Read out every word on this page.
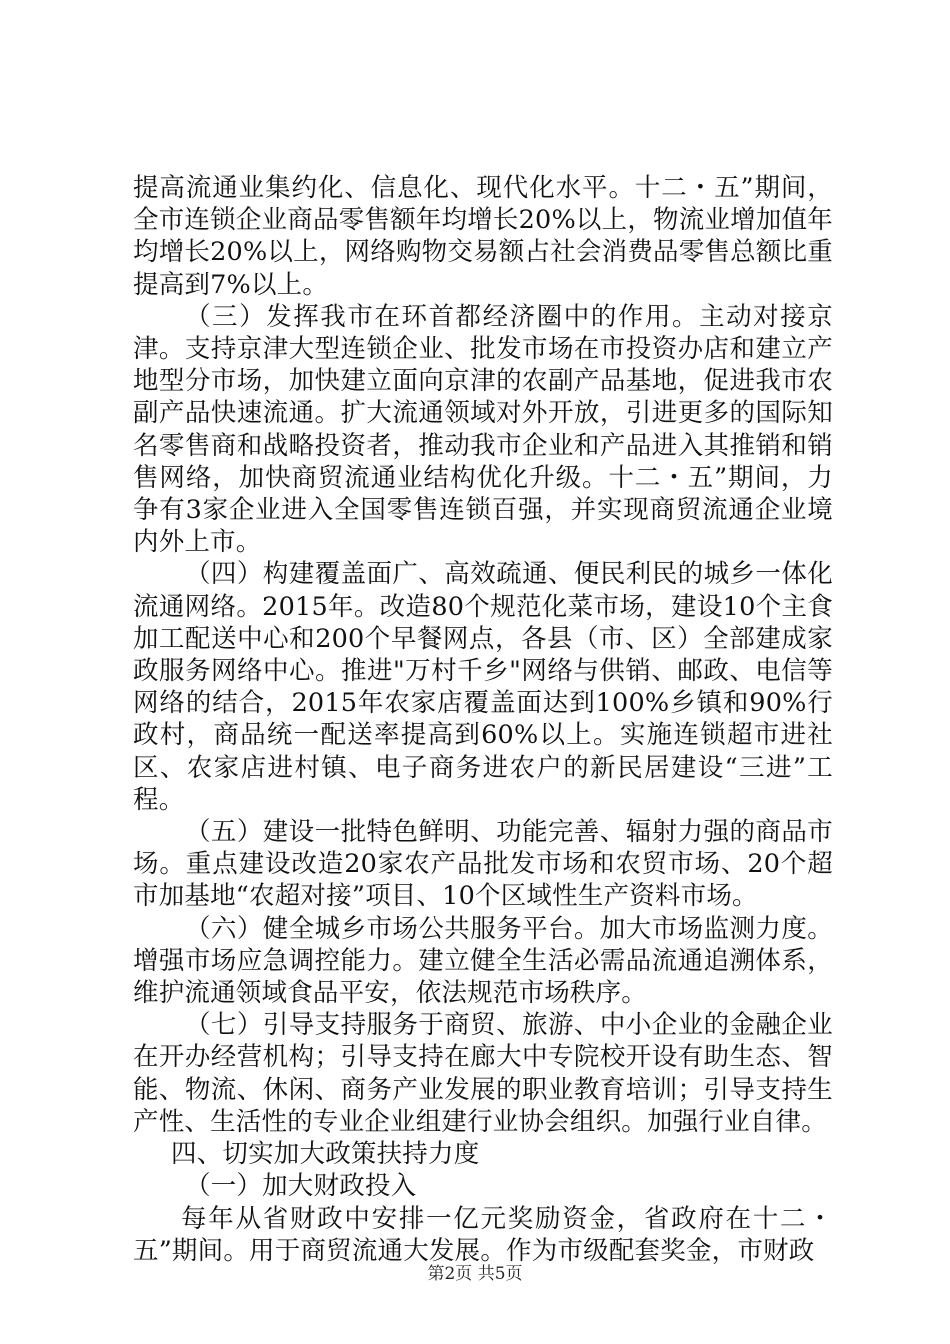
提高流通业集约化、信息化、现代化水平。十二・五”期间，全市连锁企业商品零售额年均增长20%以上，物流业增加值年均增长20%以上，网络购物交易额占社会消费品零售总额比重提高到7%以上。

（三）发挥我市在环首都经济圈中的作用。主动对接京津。支持京津大型连锁企业、批发市场在市投资办店和建立产地型分市场，加快建立面向京津的农副产品基地，促进我市农副产品快速流通。扩大流通领域对外开放，引进更多的国际知名零售商和战略投资者，推动我市企业和产品进入其推销和销售网络，加快商贸流通业结构优化升级。十二・五”期间，力争有3家企业进入全国零售连锁百强，并实现商贸流通企业境内外上市。

（四）构建覆盖面广、高效疏通、便民利民的城乡一体化流通网络。2015年。改造80个规范化菜市场，建设10个主食加工配送中心和200个早餐网点，各县（市、区）全部建成家政服务网络中心。推进"万村千乡"网络与供销、邮政、电信等网络的结合，2015年农家店覆盖面达到100%乡镇和90%行政村，商品统一配送率提高到60%以上。实施连锁超市进社区、农家店进村镇、电子商务进农户的新民居建设“三进”工程。

（五）建设一批特色鲜明、功能完善、辐射力强的商品市场。重点建设改造20家农产品批发市场和农贸市场、20个超市加基地“农超对接”项目、10个区域性生产资料市场。

（六）健全城乡市场公共服务平台。加大市场监测力度。增强市场应急调控能力。建立健全生活必需品流通追溯体系，维护流通领域食品平安，依法规范市场秩序。

（七）引导支持服务于商贸、旅游、中小企业的金融企业在开办经营机构；引导支持在廊大中专院校开设有助生态、智能、物流、休闲、商务产业发展的职业教育培训；引导支持生产性、生活性的专业企业组建行业协会组织。加强行业自律。

四、切实加大政策扶持力度

（一）加大财政投入

每年从省财政中安排一亿元奖励资金，省政府在十二・五”期间。用于商贸流通大发展。作为市级配套奖金，市财政

第2页 共5页
